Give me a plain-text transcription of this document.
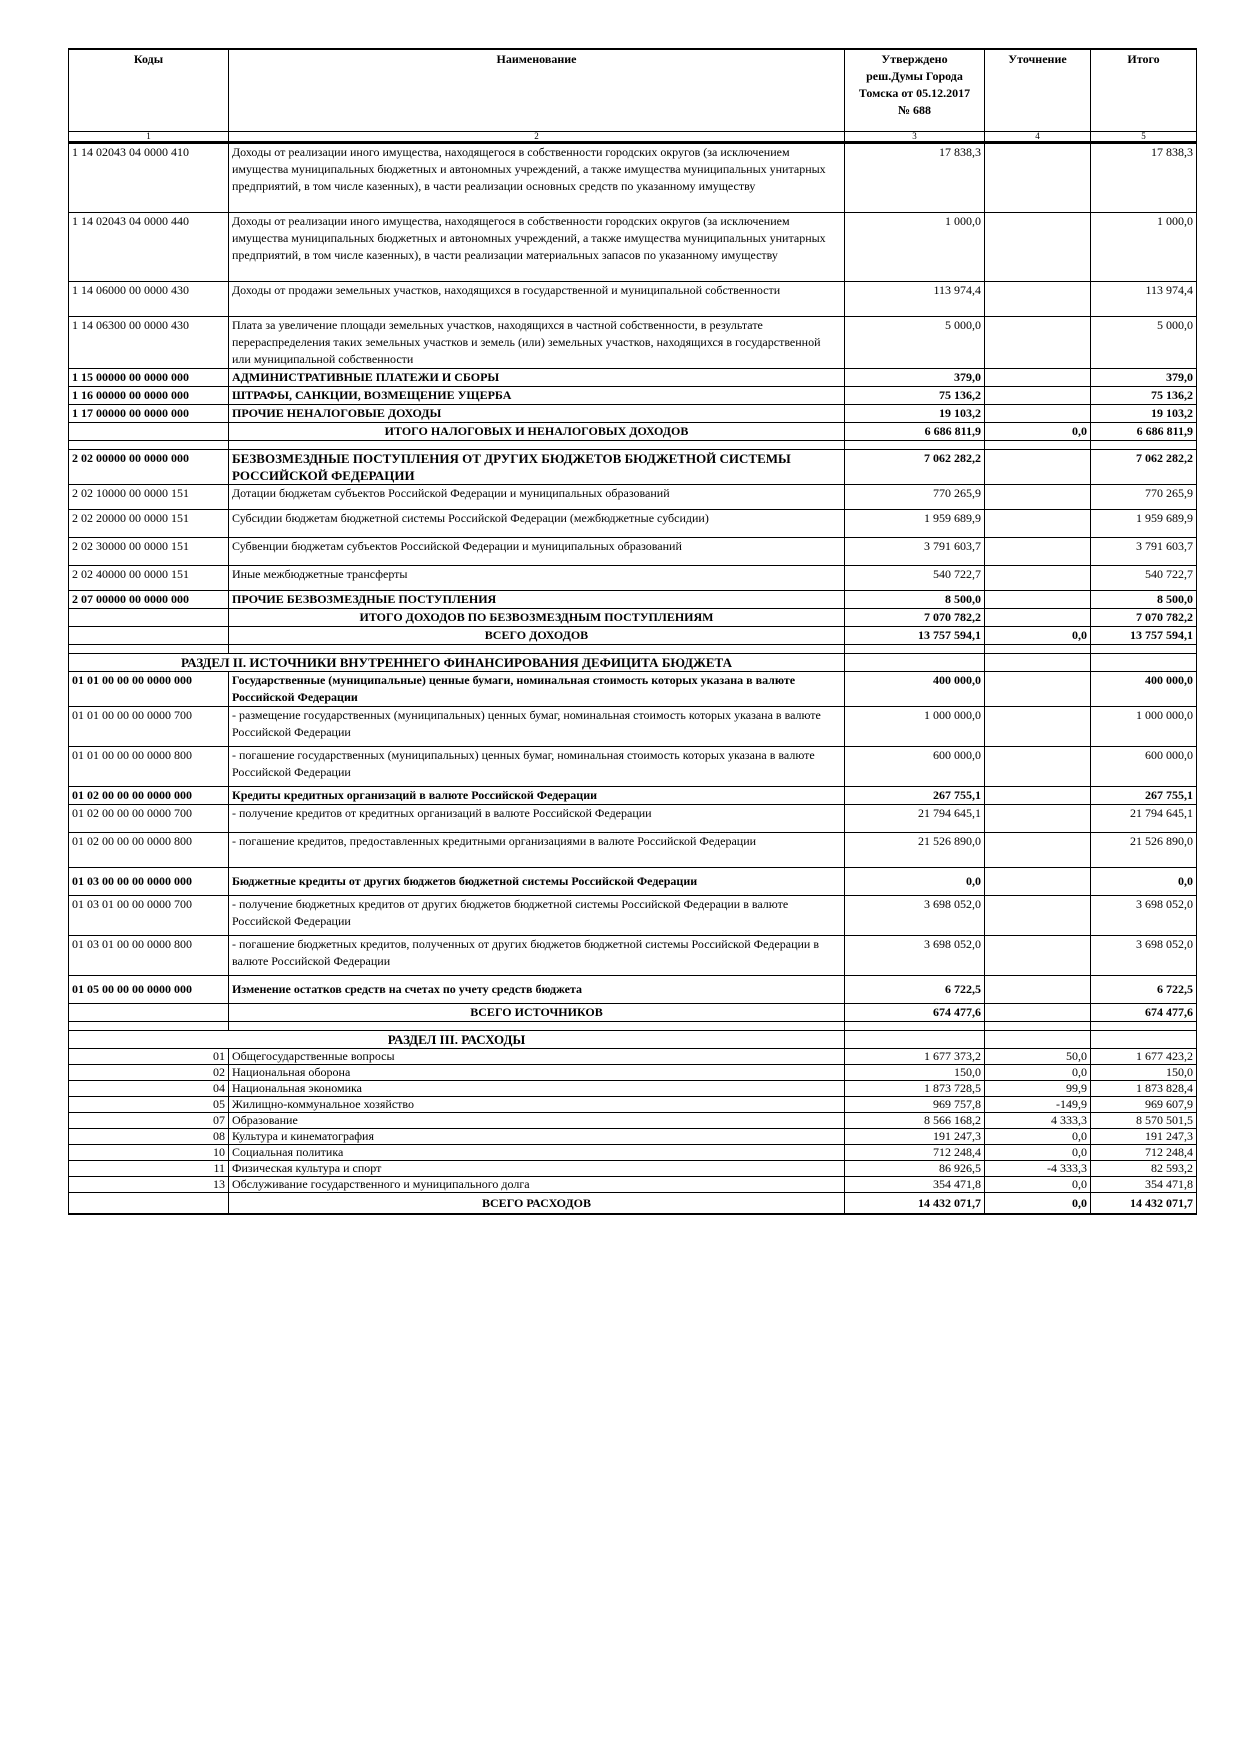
Коды	Наименование	Утверждено
реш.Думы Города
Томска от 05.12.2017
№ 688	Уточнение	Итого
1	2	3	4	5
1 14 02043 04 0000 410	Доходы от реализации иного имущества, находящегося в собственности городских округов (за исключением имущества муниципальных бюджетных и автономных учреждений, а также имущества муниципальных унитарных предприятий, в том числе казенных), в части реализации основных средств по указанному имуществу	17 838,3		17 838,3
1 14 02043 04 0000 440	Доходы от реализации иного имущества, находящегося в собственности городских округов (за исключением имущества муниципальных бюджетных и автономных учреждений, а также имущества муниципальных унитарных предприятий, в том числе казенных), в части реализации материальных запасов по указанному имуществу	1 000,0		1 000,0
1 14 06000 00 0000 430	Доходы от продажи земельных участков, находящихся в государственной и муниципальной собственности	113 974,4		113 974,4
1 14 06300 00 0000 430	Плата за увеличение площади земельных участков, находящихся в частной собственности, в результате перераспределения таких земельных участков и земель (или) земельных участков, находящихся в государственной или муниципальной собственности	5 000,0		5 000,0
1 15 00000 00 0000 000	АДМИНИСТРАТИВНЫЕ ПЛАТЕЖИ И СБОРЫ	379,0		379,0
1 16 00000 00 0000 000	ШТРАФЫ, САНКЦИИ, ВОЗМЕЩЕНИЕ УЩЕРБА	75 136,2		75 136,2
1 17 00000 00 0000 000	ПРОЧИЕ НЕНАЛОГОВЫЕ ДОХОДЫ	19 103,2		19 103,2
	ИТОГО НАЛОГОВЫХ И НЕНАЛОГОВЫХ ДОХОДОВ	6 686 811,9	0,0	6 686 811,9

2 02 00000 00 0000 000	БЕЗВОЗМЕЗДНЫЕ ПОСТУПЛЕНИЯ ОТ ДРУГИХ БЮДЖЕТОВ БЮДЖЕТНОЙ СИСТЕМЫ РОССИЙСКОЙ ФЕДЕРАЦИИ	7 062 282,2		7 062 282,2
2 02 10000 00 0000 151	Дотации бюджетам субъектов Российской Федерации и муниципальных образований	770 265,9		770 265,9
2 02 20000 00 0000 151	Субсидии бюджетам бюджетной системы Российской Федерации (межбюджетные субсидии)	1 959 689,9		1 959 689,9
2 02 30000 00 0000 151	Субвенции бюджетам субъектов Российской Федерации и муниципальных образований	3 791 603,7		3 791 603,7
2 02 40000 00 0000 151	Иные межбюджетные трансферты	540 722,7		540 722,7
2 07 00000 00 0000 000	ПРОЧИЕ БЕЗВОЗМЕЗДНЫЕ ПОСТУПЛЕНИЯ	8 500,0		8 500,0
	ИТОГО ДОХОДОВ ПО БЕЗВОЗМЕЗДНЫМ ПОСТУПЛЕНИЯМ	7 070 782,2		7 070 782,2
	ВСЕГО ДОХОДОВ	13 757 594,1	0,0	13 757 594,1

РАЗДЕЛ II. ИСТОЧНИКИ ВНУТРЕННЕГО ФИНАНСИРОВАНИЯ ДЕФИЦИТА БЮДЖЕТА				
01 01 00 00 00 0000 000	Государственные (муниципальные) ценные бумаги, номинальная стоимость которых указана в валюте Российской Федерации	400 000,0		400 000,0
01 01 00 00 00 0000 700	- размещение государственных (муниципальных) ценных бумаг, номинальная стоимость которых указана в валюте Российской Федерации	1 000 000,0		1 000 000,0
01 01 00 00 00 0000 800	- погашение государственных (муниципальных) ценных бумаг, номинальная стоимость которых указана в валюте Российской Федерации	600 000,0		600 000,0
01 02 00 00 00 0000 000	Кредиты кредитных организаций в валюте Российской Федерации	267 755,1		267 755,1
01 02 00 00 00 0000 700	- получение кредитов от кредитных организаций в валюте Российской Федерации	21 794 645,1		21 794 645,1
01 02 00 00 00 0000 800	- погашение кредитов, предоставленных кредитными организациями в валюте Российской Федерации	21 526 890,0		21 526 890,0
01 03 00 00 00 0000 000	Бюджетные кредиты от других бюджетов бюджетной системы Российской Федерации	0,0		0,0
01 03 01 00 00 0000 700	- получение бюджетных кредитов от других бюджетов бюджетной системы Российской Федерации в валюте Российской Федерации	3 698 052,0		3 698 052,0
01 03 01 00 00 0000 800	- погашение бюджетных кредитов, полученных от других бюджетов бюджетной системы Российской Федерации в валюте Российской Федерации	3 698 052,0		3 698 052,0
01 05 00 00 00 0000 000	Изменение остатков средств на счетах по учету средств бюджета	6 722,5		6 722,5
	ВСЕГО ИСТОЧНИКОВ	674 477,6		674 477,6

РАЗДЕЛ III. РАСХОДЫ				
01	Общегосударственные вопросы	1 677 373,2	50,0	1 677 423,2
02	Национальная оборона	150,0	0,0	150,0
04	Национальная экономика	1 873 728,5	99,9	1 873 828,4
05	Жилищно-коммунальное хозяйство	969 757,8	-149,9	969 607,9
07	Образование	8 566 168,2	4 333,3	8 570 501,5
08	Культура и кинематография	191 247,3	0,0	191 247,3
10	Социальная политика	712 248,4	0,0	712 248,4
11	Физическая культура и спорт	86 926,5	-4 333,3	82 593,2
13	Обслуживание государственного и муниципального долга	354 471,8	0,0	354 471,8
	ВСЕГО РАСХОДОВ	14 432 071,7	0,0	14 432 071,7
